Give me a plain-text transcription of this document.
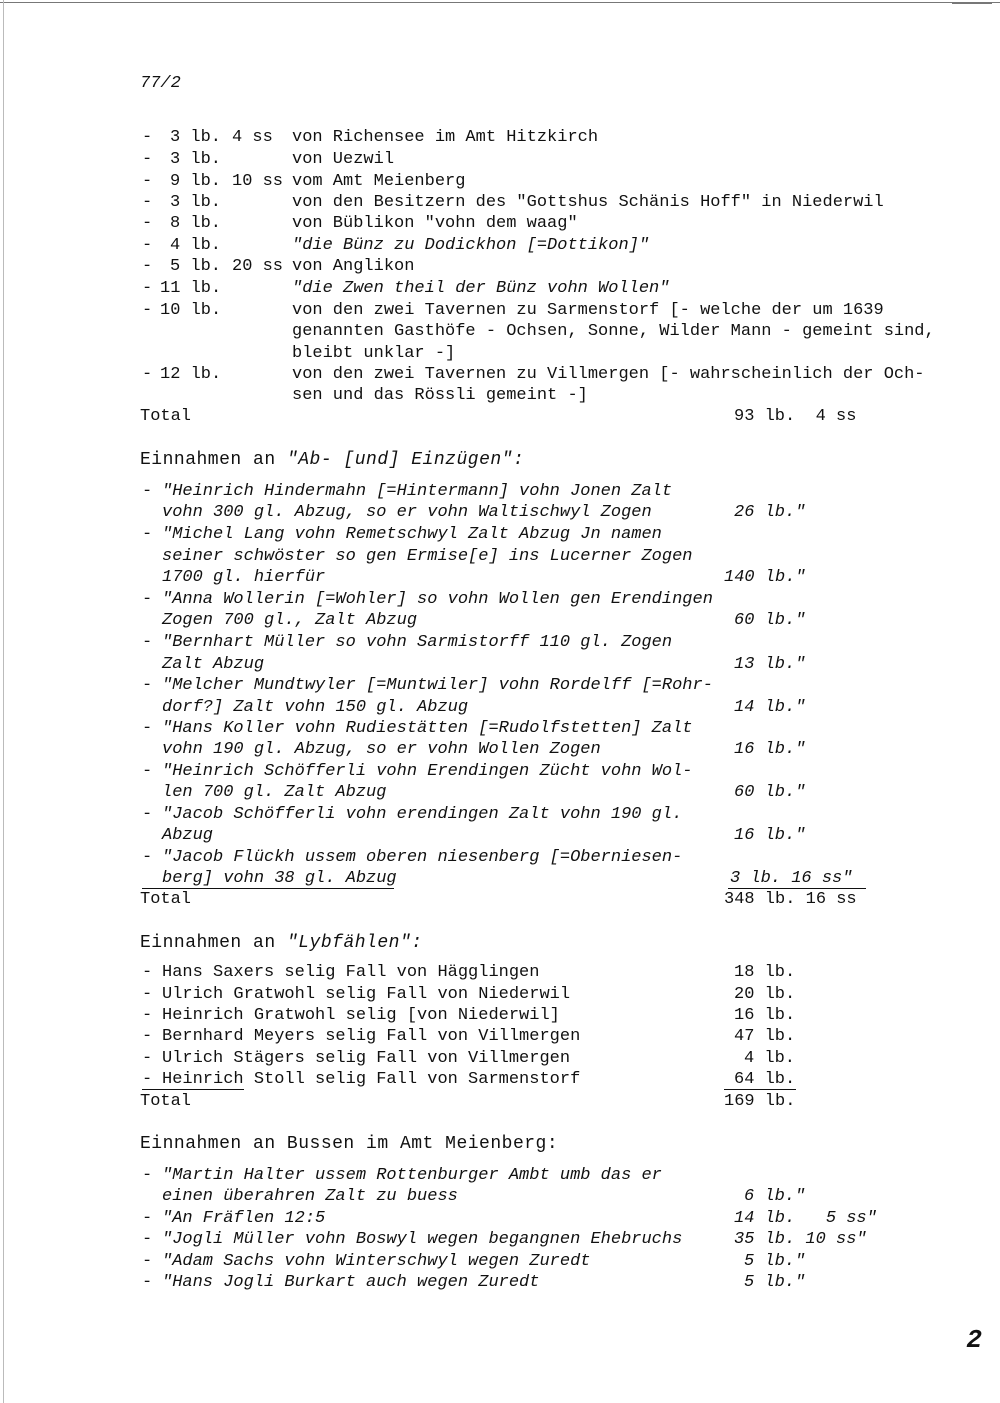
77/2
- 3 lb. 4 ss von Richensee im Amt Hitzkirch
- 3 lb.	von Uezwil
- 9 lb. 10 ss vom Amt Meienberg
- 3 lb.	von den Besitzern des "Gottshus Schänis Hoff" in Niederwil
- 8 lb.	von Büblikon "vohn dem waag"
- 4 lb.	"die Bünz zu Dodickhon [=Dottikon]"
- 5 lb. 20 ss von Anglikon
- 11 lb.	"die Zwen theil der Bünz vohn Wollen"
- 10 lb.	von den zwei Tavernen zu Sarmenstorf [- welche der um 1639
genannten Gasthöfe - Ochsen, Sonne, Wilder Mann - gemeint sind,
bleibt unklar -]
- 12 lb.	von den zwei Tavernen zu Villmergen [- wahrscheinlich der Och-
sen und das Rössli gemeint -]
Total	93 lb.  4 ss
Einnahmen an "Ab- [und] Einzügen":
- "Heinrich Hindermahn [=Hintermann] vohn Jonen Zalt
vohn 300 gl. Abzug, so er vohn Waltischwyl Zogen	26 lb."
- "Michel Lang vohn Remetschwyl Zalt Abzug Jn namen
seiner schwöster so gen Ermise[e] ins Lucerner Zogen
1700 gl. hierfür	140 lb."
- "Anna Wollerin [=Wohler] so vohn Wollen gen Erendingen
Zogen 700 gl., Zalt Abzug	60 lb."
- "Bernhart Müller so vohn Sarmistorff 110 gl. Zogen
Zalt Abzug	13 lb."
- "Melcher Mundtwyler [=Muntwiler] vohn Rordelff [=Rohr-
dorf?] Zalt vohn 150 gl. Abzug	14 lb."
- "Hans Koller vohn Rudiestätten [=Rudolfstetten] Zalt
vohn 190 gl. Abzug, so er vohn Wollen Zogen	16 lb."
- "Heinrich Schöfferli vohn Erendingen Zücht vohn Wol-
len 700 gl. Zalt Abzug	60 lb."
- "Jacob Schöfferli vohn erendingen Zalt vohn 190 gl.
Abzug	16 lb."
- "Jacob Flückh ussem oberen niesenberg [=Oberniesen-
berg] vohn 38 gl. Abzug	3 lb. 16 ss"
Total	348 lb. 16 ss
Einnahmen an "Lybfählen":
- Hans Saxers selig Fall von Hägglingen	18 lb.
- Ulrich Gratwohl selig Fall von Niederwil	20 lb.
- Heinrich Gratwohl selig [von Niederwil]	16 lb.
- Bernhard Meyers selig Fall von Villmergen	47 lb.
- Ulrich Stägers selig Fall von Villmergen	4 lb.
- Heinrich Stoll selig Fall von Sarmenstorf	64 lb.
Total	169 lb.
Einnahmen an Bussen im Amt Meienberg:
- "Martin Halter ussem Rottenburger Ambt umb das er
einen überahren Zalt zu buess	6 lb."
- "An Fräflen 12:5	14 lb.   5 ss"
- "Jogli Müller vohn Boswyl wegen begangnen Ehebruchs	35 lb. 10 ss"
- "Adam Sachs vohn Winterschwyl wegen Zuredt	5 lb."
- "Hans Jogli Burkart auch wegen Zuredt	5 lb."
2
